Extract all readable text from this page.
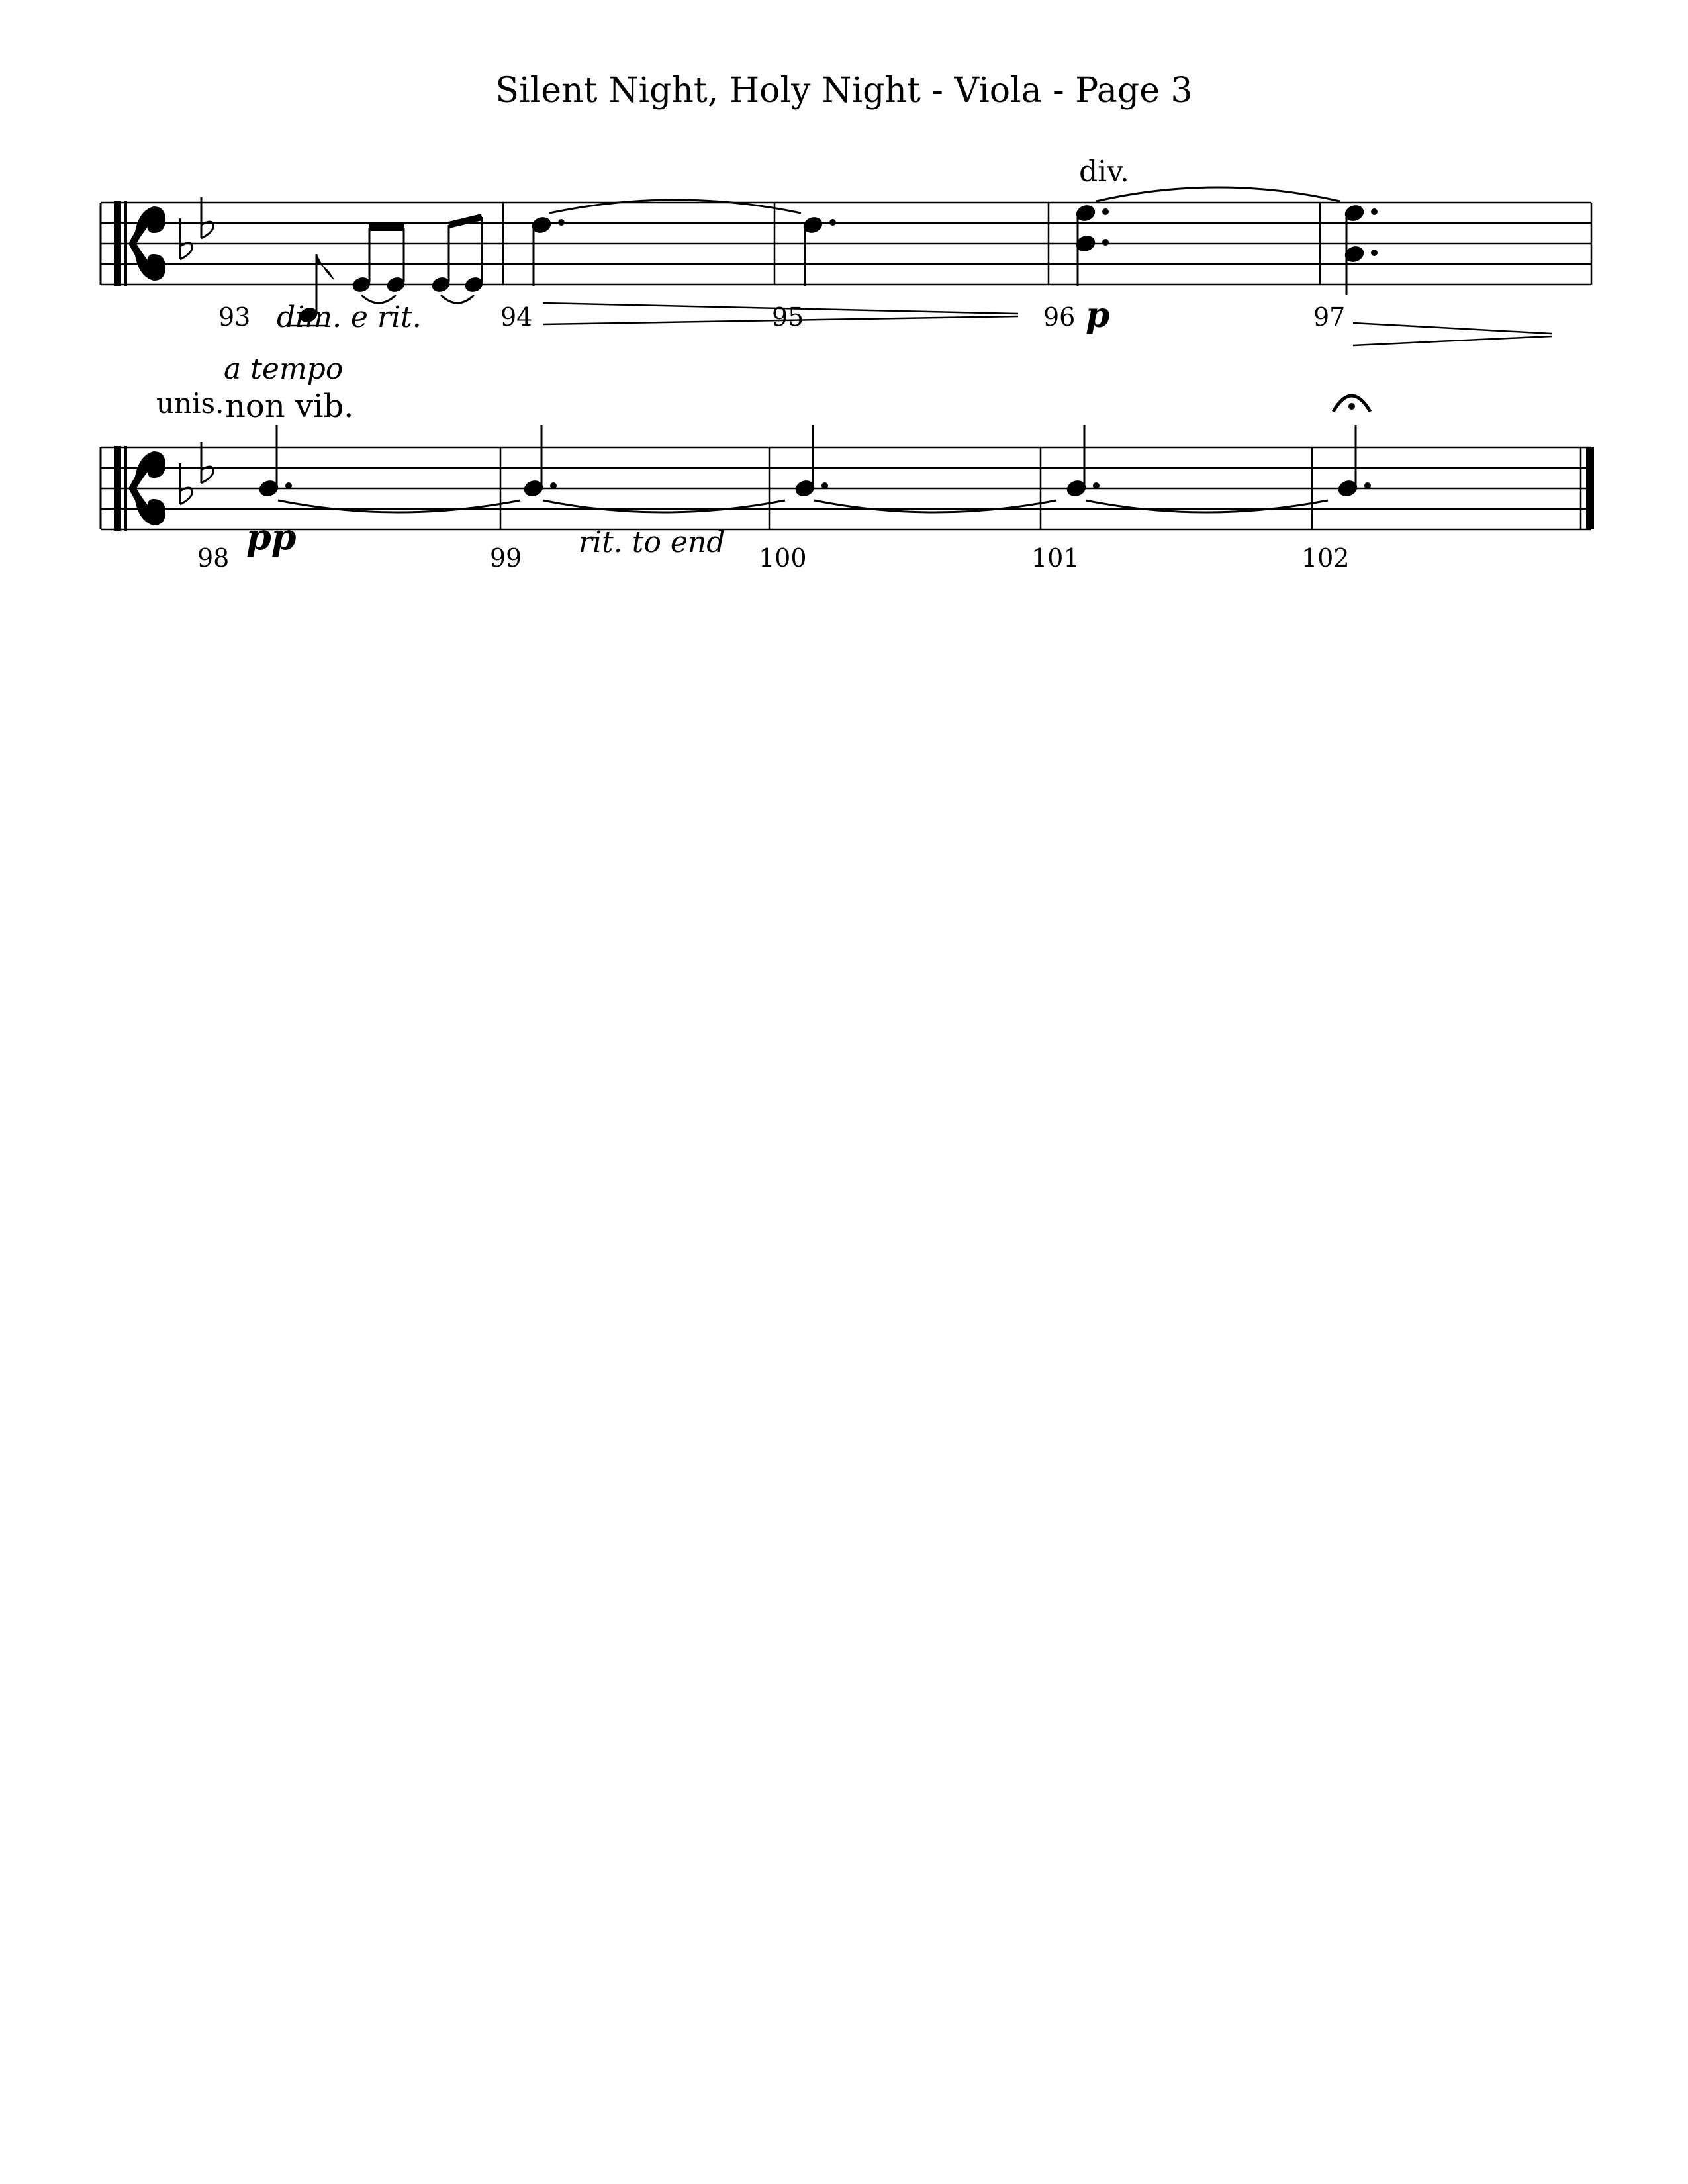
Silent Night, Holy Night - Viola - Page 3
div.
93	94	95	96	97
dim. e rit.	p
unis.
a tempo
non vib.
98	99	100	101	102
pp	rit. to end
